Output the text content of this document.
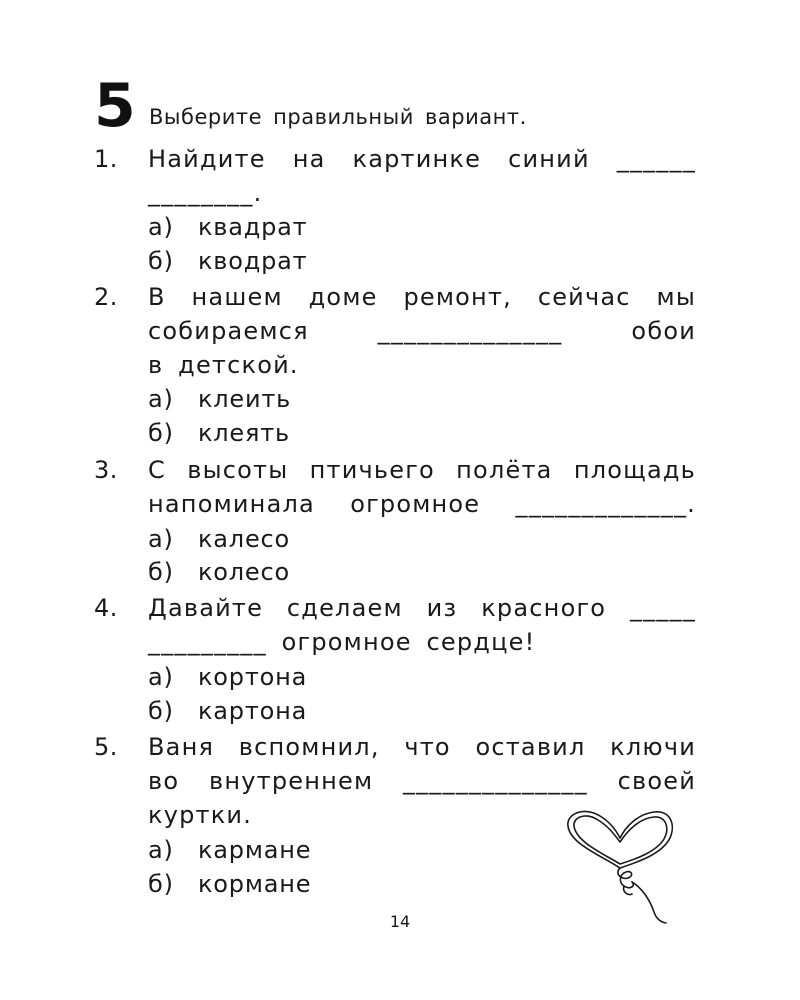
5 Выберите правильный вариант.
1. Найдите на картинке синий ______
________.
а) квадрат
б) кводрат
2. В нашем доме ремонт, сейчас мы
собираемся ______________ обои
в детской.
а) клеить
б) клеять
3. С высоты птичьего полёта площадь
напоминала огромное _____________.
а) калесо
б) колесо
4. Давайте сделаем из красного _____
_________ огромное сердце!
а) кортона
б) картона
5. Ваня вспомнил, что оставил ключи
во внутреннем ______________ своей
куртки.
а) кармане
б) кормане
14
